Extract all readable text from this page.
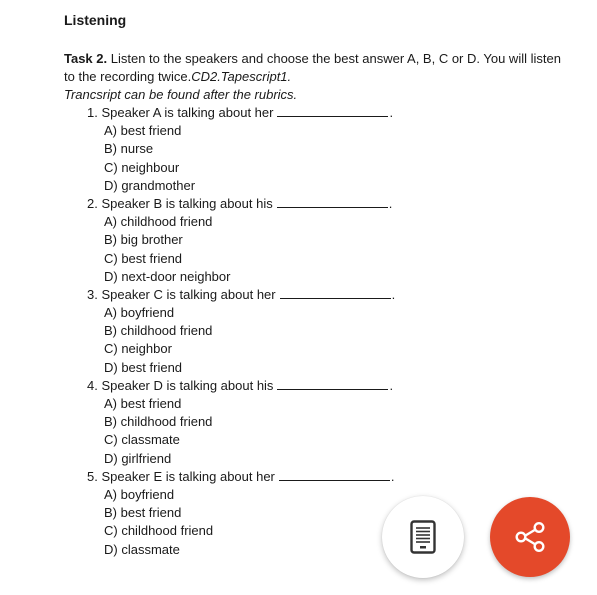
Listening
Task 2. Listen to the speakers and choose the best answer A, B, C or D. You will listen
to the recording twice.CD2.Tapescript1.
Trancsript can be found after the rubrics.
1. Speaker A is talking about her	.
A) best friend
B) nurse
C) neighbour
D) grandmother
2. Speaker B is talking about his	.
A) childhood friend
B) big brother
C) best friend
D) next-door neighbor
3. Speaker C is talking about her	.
A) boyfriend
B) childhood friend
C) neighbor
D) best friend
4. Speaker D is talking about his	.
A) best friend
B) childhood friend
C) classmate
D) girlfriend
5. Speaker E is talking about her	.
A) boyfriend
B) best friend
C) childhood friend
D) classmate
